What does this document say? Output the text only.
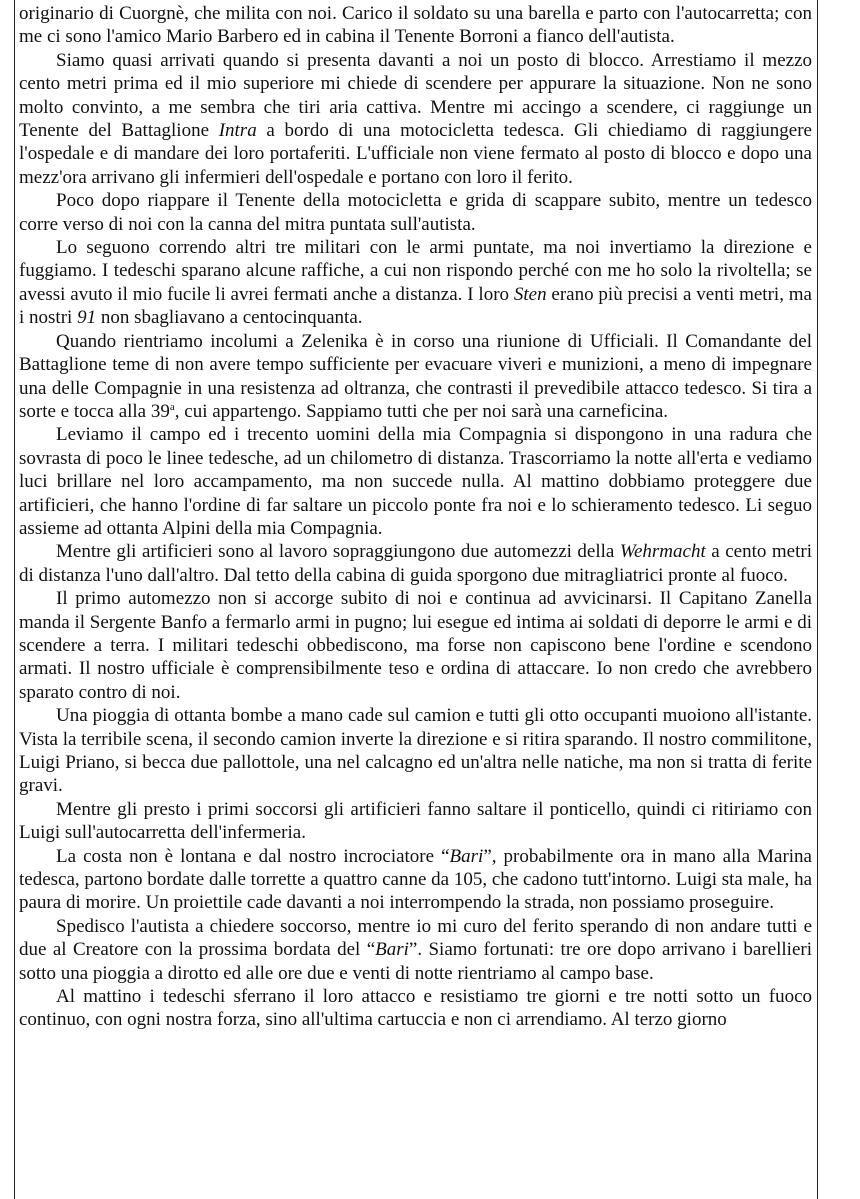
originario di Cuorgnè, che milita con noi. Carico il soldato su una barella e parto con l'autocarretta; con me ci sono l'amico Mario Barbero ed in cabina il Tenente Borroni a fianco dell'autista.

Siamo quasi arrivati quando si presenta davanti a noi un posto di blocco. Arrestiamo il mezzo cento metri prima ed il mio superiore mi chiede di scendere per appurare la situazione. Non ne sono molto convinto, a me sembra che tiri aria cattiva. Mentre mi accingo a scendere, ci raggiunge un Tenente del Battaglione Intra a bordo di una motocicletta tedesca. Gli chiediamo di raggiungere l'ospedale e di mandare dei loro portaferiti. L'ufficiale non viene fermato al posto di blocco e dopo una mezz'ora arrivano gli infermieri dell'ospedale e portano con loro il ferito.

Poco dopo riappare il Tenente della motocicletta e grida di scappare subito, mentre un tedesco corre verso di noi con la canna del mitra puntata sull'autista.

Lo seguono correndo altri tre militari con le armi puntate, ma noi invertiamo la direzione e fuggiamo. I tedeschi sparano alcune raffiche, a cui non rispondo perché con me ho solo la rivoltella; se avessi avuto il mio fucile li avrei fermati anche a distanza. I loro Sten erano più precisi a venti metri, ma i nostri 91 non sbagliavano a centocinquanta.

Quando rientriamo incolumi a Zelenika è in corso una riunione di Ufficiali. Il Comandante del Battaglione teme di non avere tempo sufficiente per evacuare viveri e munizioni, a meno di impegnare una delle Compagnie in una resistenza ad oltranza, che contrasti il prevedibile attacco tedesco. Si tira a sorte e tocca alla 39$^a$, cui appartengo. Sappiamo tutti che per noi sarà una carneficina.

Leviamo il campo ed i trecento uomini della mia Compagnia si dispongono in una radura che sovrasta di poco le linee tedesche, ad un chilometro di distanza. Trascorriamo la notte all'erta e vediamo luci brillare nel loro accampamento, ma non succede nulla. Al mattino dobbiamo proteggere due artificieri, che hanno l'ordine di far saltare un piccolo ponte fra noi e lo schieramento tedesco. Li seguo assieme ad ottanta Alpini della mia Compagnia.

Mentre gli artificieri sono al lavoro sopraggiungono due automezzi della Wehrmacht a cento metri di distanza l'uno dall'altro. Dal tetto della cabina di guida sporgono due mitragliatrici pronte al fuoco.

Il primo automezzo non si accorge subito di noi e continua ad avvicinarsi. Il Capitano Zanella manda il Sergente Banfo a fermarlo armi in pugno; lui esegue ed intima ai soldati di deporre le armi e di scendere a terra. I militari tedeschi obbediscono, ma forse non capiscono bene l'ordine e scendono armati. Il nostro ufficiale è comprensibilmente teso e ordina di attaccare. Io non credo che avrebbero sparato contro di noi.

Una pioggia di ottanta bombe a mano cade sul camion e tutti gli otto occupanti muoiono all'istante. Vista la terribile scena, il secondo camion inverte la direzione e si ritira sparando. Il nostro commilitone, Luigi Priano, si becca due pallottole, una nel calcagno ed un'altra nelle natiche, ma non si tratta di ferite gravi.

Mentre gli presto i primi soccorsi gli artificieri fanno saltare il ponticello, quindi ci ritiriamo con Luigi sull'autocarretta dell'infermeria.

La costa non è lontana e dal nostro incrociatore “Bari”, probabilmente ora in mano alla Marina tedesca, partono bordate dalle torrette a quattro canne da 105, che cadono tutt'intorno. Luigi sta male, ha paura di morire. Un proiettile cade davanti a noi interrompendo la strada, non possiamo proseguire.

Spedisco l'autista a chiedere soccorso, mentre io mi curo del ferito sperando di non andare tutti e due al Creatore con la prossima bordata del “Bari”. Siamo fortunati: tre ore dopo arrivano i barellieri sotto una pioggia a dirotto ed alle ore due e venti di notte rientriamo al campo base.

Al mattino i tedeschi sferrano il loro attacco e resistiamo tre giorni e tre notti sotto un fuoco continuo, con ogni nostra forza, sino all'ultima cartuccia e non ci arrendiamo. Al terzo giorno
